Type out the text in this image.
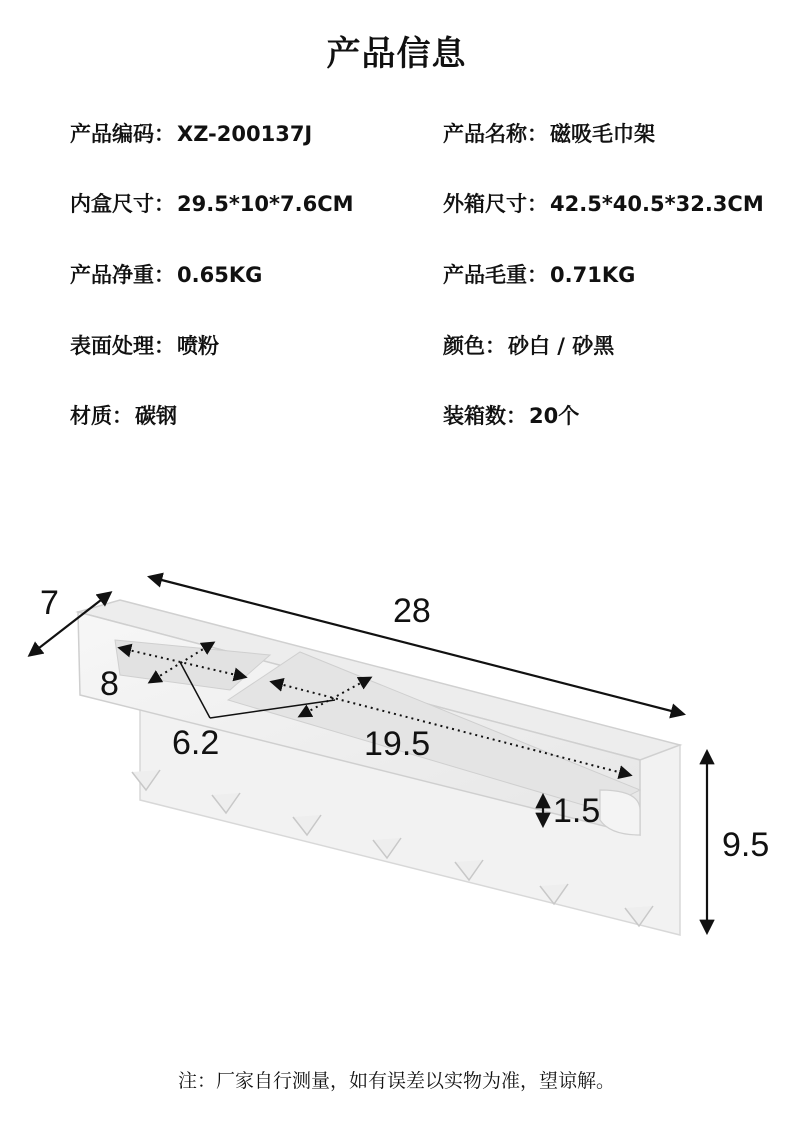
产品信息
产品编码：XZ-200137J	产品名称：磁吸毛巾架
内盒尺寸：29.5*10*7.6CM	外箱尺寸：42.5*40.5*32.3CM
产品净重：0.65KG	产品毛重：0.71KG
表面处理：喷粉	颜色：砂白 / 砂黑
材质：碳钢	装箱数：20个
7	28
8
6.2	19.5
1.5
9.5
注：厂家自行测量，如有误差以实物为准，望谅解。
